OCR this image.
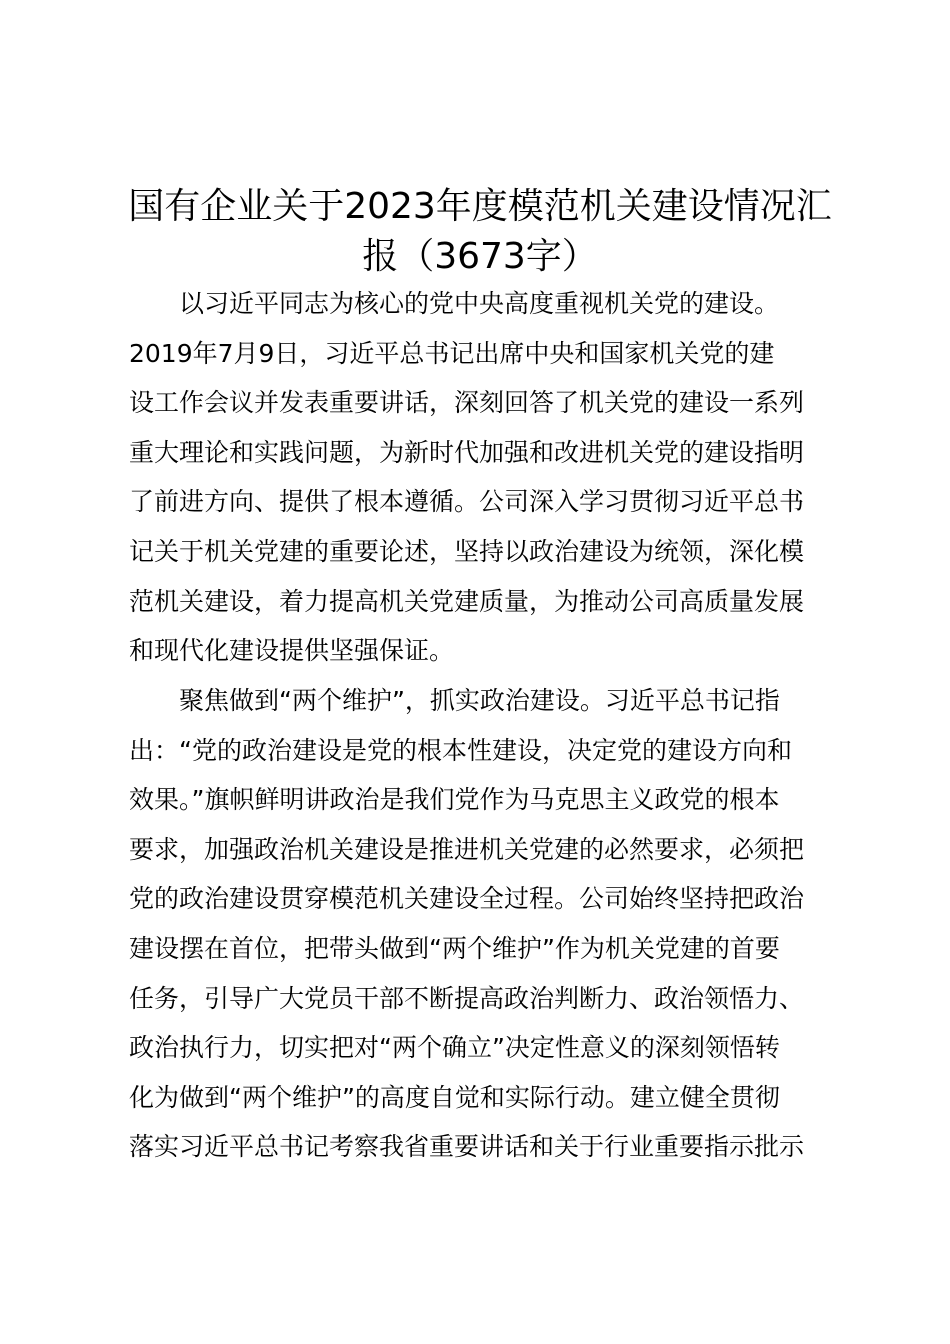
国有企业关于2023年度模范机关建设情况汇
报（3673字）

　　以习近平同志为核心的党中央高度重视机关党的建设。
2019年7月9日，习近平总书记出席中央和国家机关党的建
设工作会议并发表重要讲话，深刻回答了机关党的建设一系列
重大理论和实践问题，为新时代加强和改进机关党的建设指明
了前进方向、提供了根本遵循。公司深入学习贯彻习近平总书
记关于机关党建的重要论述，坚持以政治建设为统领，深化模
范机关建设，着力提高机关党建质量，为推动公司高质量发展
和现代化建设提供坚强保证。

　　聚焦做到“两个维护”，抓实政治建设。习近平总书记指
出：“党的政治建设是党的根本性建设，决定党的建设方向和
效果。”旗帜鲜明讲政治是我们党作为马克思主义政党的根本
要求，加强政治机关建设是推进机关党建的必然要求，必须把
党的政治建设贯穿模范机关建设全过程。公司始终坚持把政治
建设摆在首位，把带头做到“两个维护”作为机关党建的首要
任务，引导广大党员干部不断提高政治判断力、政治领悟力、
政治执行力，切实把对“两个确立”决定性意义的深刻领悟转
化为做到“两个维护”的高度自觉和实际行动。建立健全贯彻
落实习近平总书记考察我省重要讲话和关于行业重要指示批示
